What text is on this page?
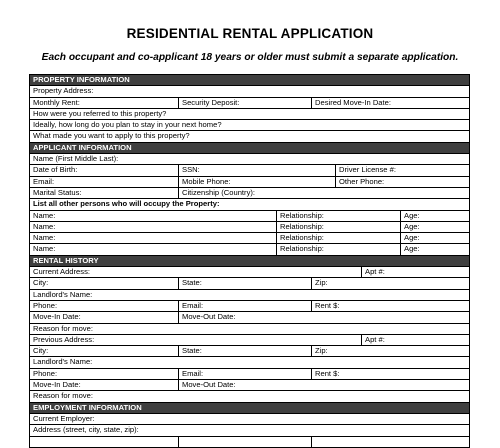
RESIDENTIAL RENTAL APPLICATION
Each occupant and co-applicant 18 years or older must submit a separate application.
PROPERTY INFORMATION						
Property Address:						
Monthly Rent:	Security Deposit:		Desired Move-In Date:			
How were you referred to this property?						
Ideally, how long do you plan to stay in your next home?						
What made you want to apply to this property?						
APPLICANT INFORMATION						
Name (First Middle Last):						
Date of Birth:	SSN:			Driver License #:		
Email:	Mobile Phone:			Other Phone:		
Marital Status:	Citizenship (Country):					
List all other persons who will occupy the Property:						
Name:		Relationship:				Age:
Name:		Relationship:				Age:
Name:		Relationship:				Age:
Name:		Relationship:				Age:
RENTAL HISTORY						
Current Address:					Apt #:	
City:	State:		Zip:			
Landlord's Name:						
Phone:	Email:		Rent $:			
Move-In Date:	Move-Out Date:					
Reason for move:						
Previous Address:					Apt #:	
City:	State:		Zip:			
Landlord's Name:						
Phone:	Email:		Rent $:			
Move-In Date:	Move-Out Date:					
Reason for move:						
EMPLOYMENT INFORMATION						
Current Employer:						
Address (street, city, state, zip):						
